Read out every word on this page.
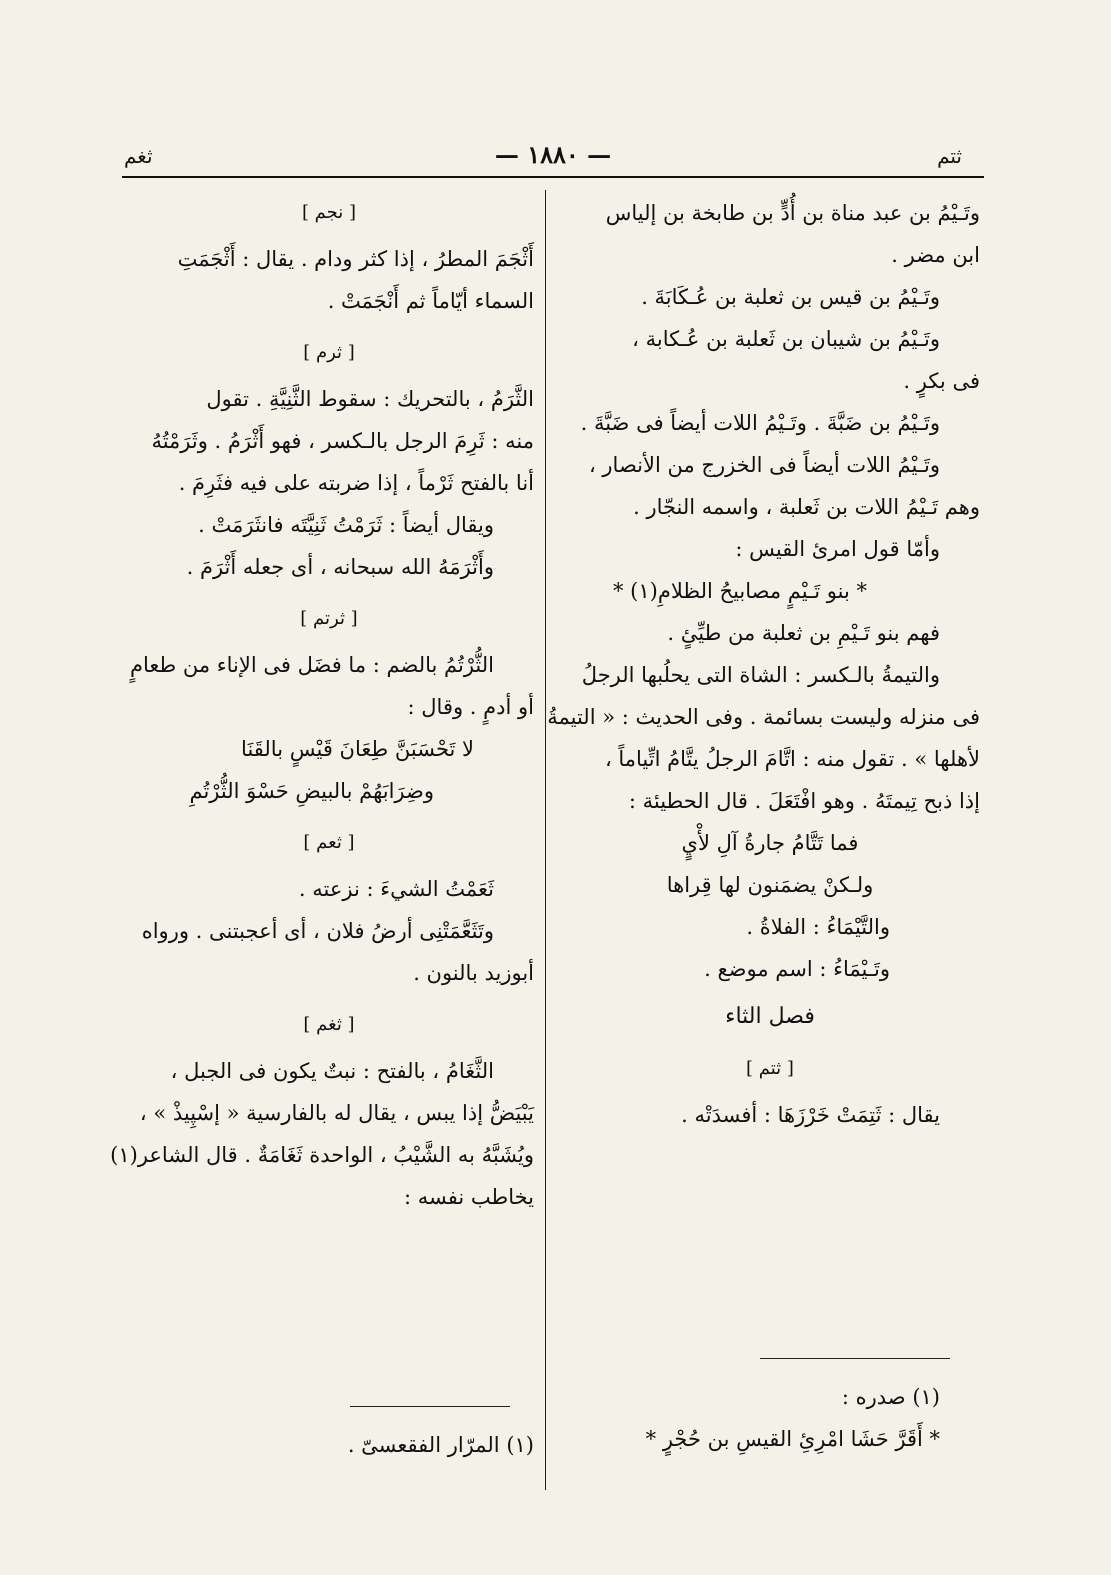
ثتم
— ١٨٨٠ —
ثغم

وتَـيْمُ بن عبد مناة بن أُدٍّ بن طابخة بن إلياس

ابن مضر .

وتَـيْمُ بن قيس بن ثعلبة بن عُـكَابَةَ .

وتَـيْمُ بن شيبان بن ثَعلبة بن عُـكابة ،

فى بكرٍ .

وتَـيْمُ بن ضَبَّةَ . وتَـيْمُ اللات أيضاً فى ضَبَّةَ .

وتَـيْمُ اللات أيضاً فى الخزرج من الأنصار ،

وهم تَـيْمُ اللات بن ثَعلبة ، واسمه النجّار .

وأمّا قول امرئ القيس :

* بنو تَـيْمٍ مصابيحُ الظلامِ(١) *

فهم بنو تَـيْمِ بن ثعلبة من طيِّئٍ .

والتيمةُ بالـكسر : الشاة التى يحلُبها الرجلُ

فى منزله وليست بسائمة . وفى الحديث : « التيمةُ

لأهلها » . تقول منه : اتَّامَ الرجلُ يتَّامُ اتِّياماً ،

إذا ذبح تِيمتَهُ . وهو افْتَعَلَ . قال الحطيئة :

فما تَتَّامُ جارةُ آلِ لأْيٍ

ولـكنْ يضمَنون لها قِراها

والتَّيْمَاءُ : الفلاةُ .

وتَـيْمَاءُ : اسم موضع .

فصل الثاء

[ ثتم ]

يقال : ثَتِمَتْ خَرْزَهَا : أفسدَتْه .

[ نجم ]

أَثْجَمَ المطرُ ، إذا كثر ودام . يقال : أَثْجَمَتِ

السماء أيّاماً ثم أَنْجَمَتْ .

[ ثرم ]

الثَّرَمُ ، بالتحريك : سقوط الثَّنِيَّةِ . تقول

منه : ثَرِمَ الرجل بالـكسر ، فهو أَثْرَمُ . وثَرَمْتُهُ

أنا بالفتح ثَرْماً ، إذا ضربته على فيه فثَرِمَ .

ويقال أيضاً : ثَرَمْتُ ثَنِيَّتَه فانثَرَمَتْ .

وأَثْرَمَهُ الله سبحانه ، أى جعله أَثْرَمَ .

[ ثرتم ]

الثُّرْتُمُ بالضم : ما فضَل فى الإناء من طعامٍ

أو أدمٍ . وقال :

لا تَحْسَبَنَّ طِعَانَ قَيْسٍ بالقَنَا

وضِرَابَهُمْ بالبيضِ حَسْوَ الثُّرْتُمِ

[ ثعم ]

ثَعَمْتُ الشيءَ : نزعته .

وتَثَعَّمَتْنِى أرضُ فلان ، أى أعجبتنى . ورواه

أبوزيد بالنون .

[ ثغم ]

الثَّغَامُ ، بالفتح : نبتٌ يكون فى الجبل ،

يَبْيَضُّ إذا يبس ، يقال له بالفارسية « إسْپِيذْ » ،

ويُشَبَّهُ به الشَّيْبُ ، الواحدة ثَغَامَةٌ . قال الشاعر(١)

يخاطب نفسه :

(١) صدره :

* أَقَرَّ حَشَا امْرِئِ القيسِ بن حُجْرٍ *

(١) المرّار الفقعسىّ .
